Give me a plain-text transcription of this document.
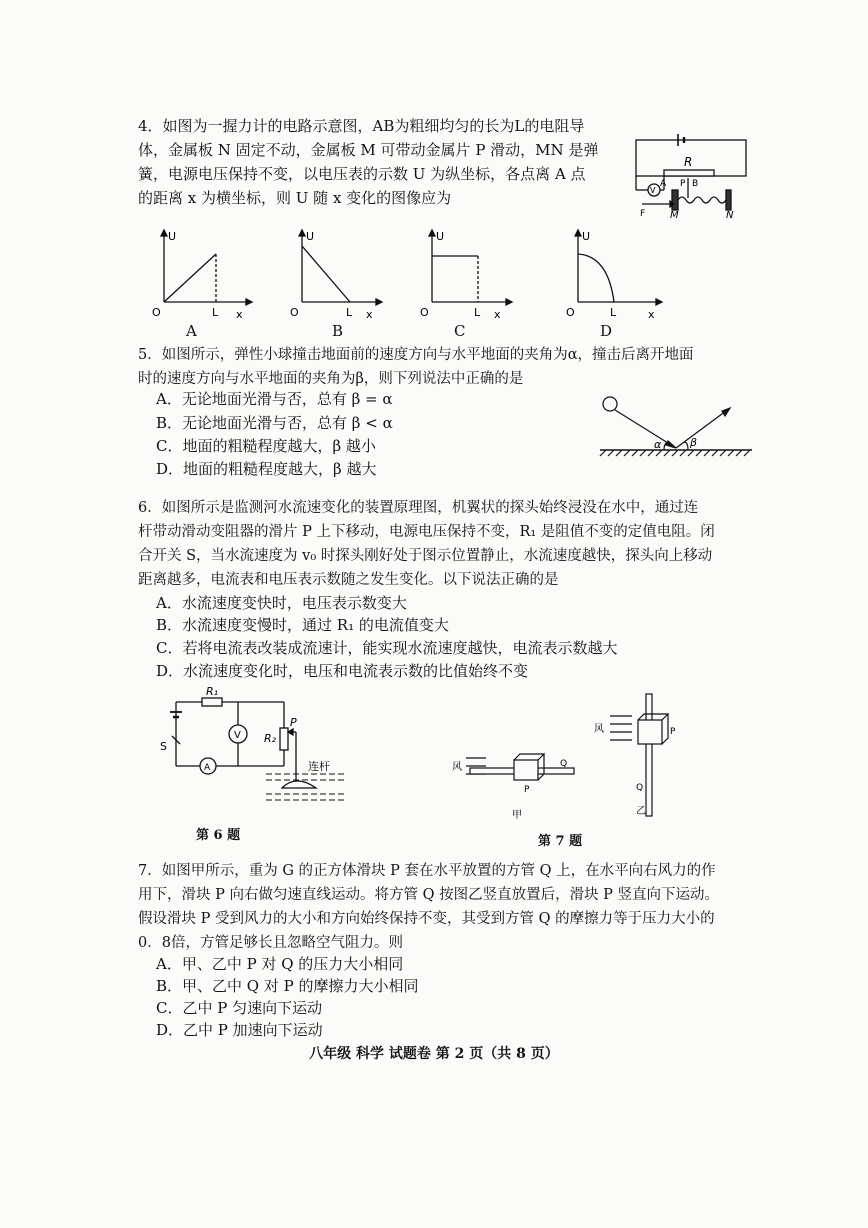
4．如图为一握力计的电路示意图，AB为粗细均匀的长为L的电阻导
体，金属板 N 固定不动，金属板 M 可带动金属片 P 滑动，MN 是弹
簧，电源电压保持不变，以电压表的示数 U 为纵坐标，各点离 A 点
的距离 x 为横坐标，则 U 随 x 变化的图像应为
R
A P B
V
F M	N
U
O	L x
A
U
O	L x
B
U
O	L x
C
U
O	L	x
D
5．如图所示，弹性小球撞击地面前的速度方向与水平地面的夹角为α，撞击后离开地面
时的速度方向与水平地面的夹角为β，则下列说法中正确的是
A．无论地面光滑与否，总有 β = α
B．无论地面光滑与否，总有 β < α
C．地面的粗糙程度越大，β 越小
D．地面的粗糙程度越大，β 越大
α	β
6．如图所示是监测河水流速变化的装置原理图，机翼状的探头始终浸没在水中，通过连
杆带动滑动变阻器的滑片 P 上下移动，电源电压保持不变，R₁ 是阻值不变的定值电阻。闭
合开关 S，当水流速度为 v₀ 时探头刚好处于图示位置静止，水流速度越快，探头向上移动
距离越多，电流表和电压表示数随之发生变化。以下说法正确的是
A．水流速度变快时，电压表示数变大
B．水流速度变慢时，通过 R₁ 的电流值变大
C．若将电流表改装成流速计，能实现水流速度越快，电流表示数越大
D．水流速度变化时，电压和电流表示数的比值始终不变
R₁
R₂
P
S
V
A	连杆
第 6 题
风
P
Q
甲
风	P
Q
乙
第 7 题
7．如图甲所示，重为 G 的正方体滑块 P 套在水平放置的方管 Q 上，在水平向右风力的作
用下，滑块 P 向右做匀速直线运动。将方管 Q 按图乙竖直放置后，滑块 P 竖直向下运动。
假设滑块 P 受到风力的大小和方向始终保持不变，其受到方管 Q 的摩擦力等于压力大小的
0．8倍，方管足够长且忽略空气阻力。则
A．甲、乙中 P 对 Q 的压力大小相同
B．甲、乙中 Q 对 P 的摩擦力大小相同
C．乙中 P 匀速向下运动
D．乙中 P 加速向下运动
八年级 科学 试题卷 第 2 页（共 8 页）
